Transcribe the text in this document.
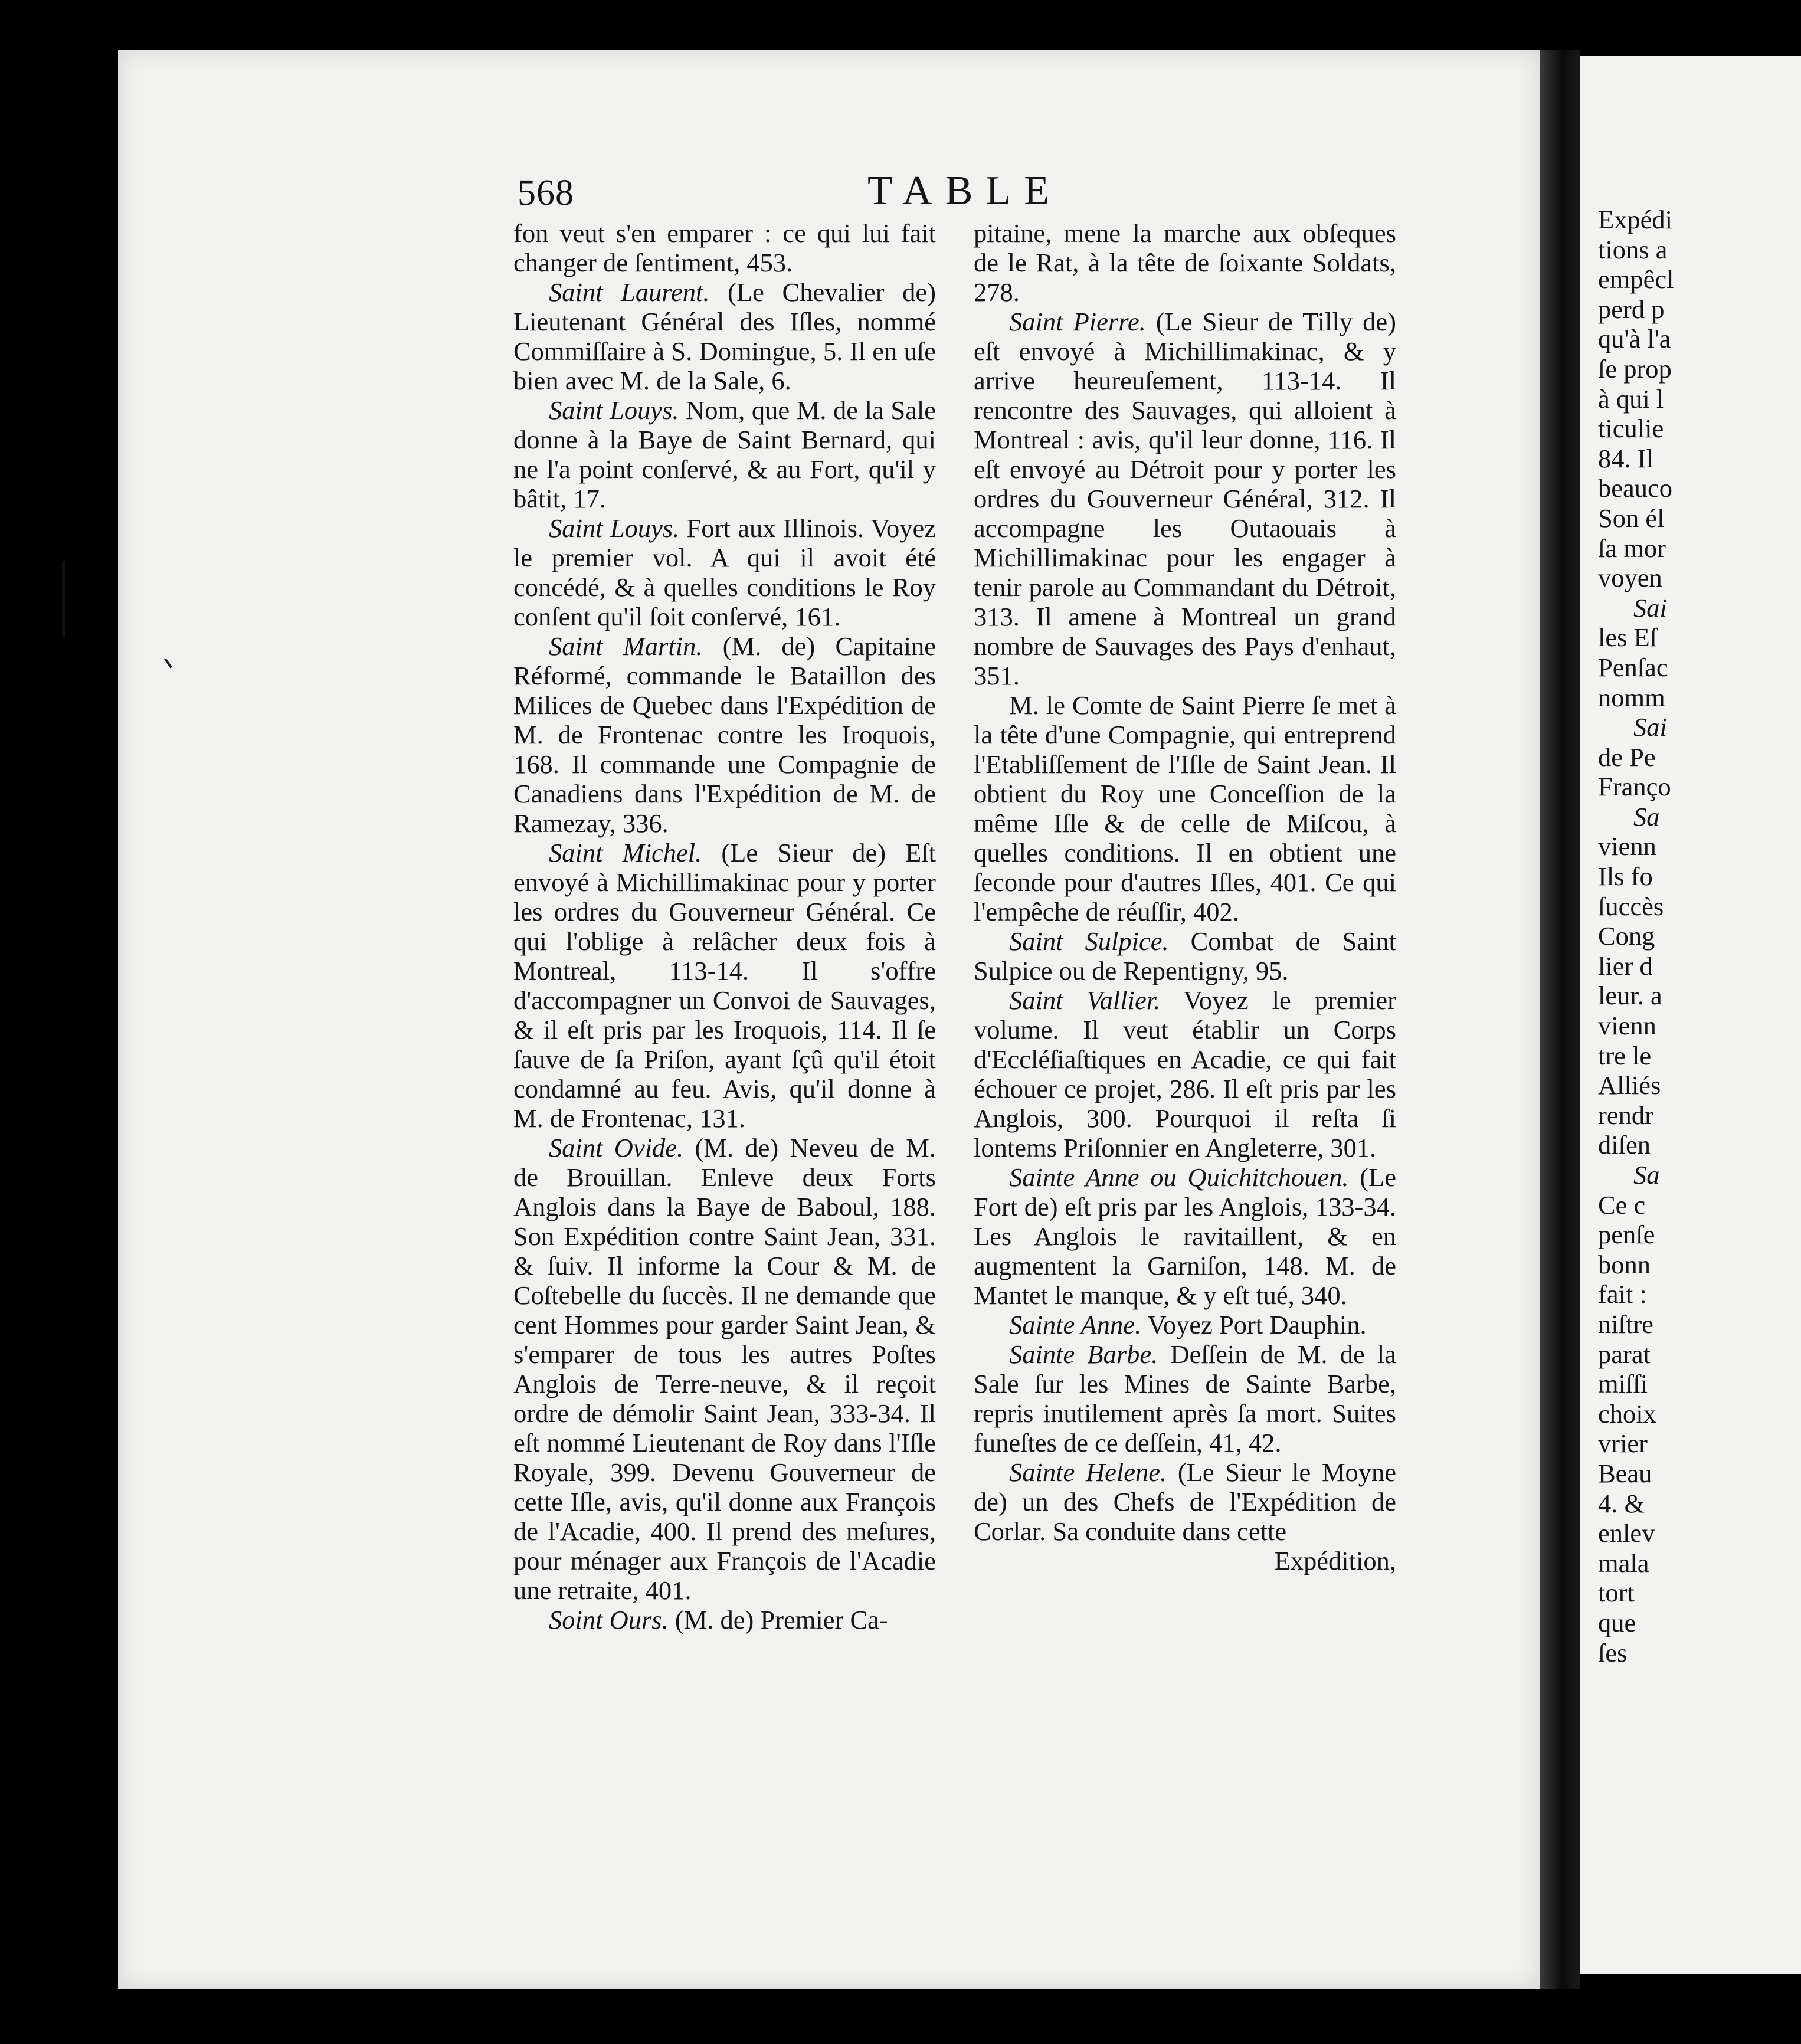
Expédi
tions a
empêcl
perd p
qu'à l'a
ſe prop
à qui l
ticulie
84. Il
beauco
Son él
ſa mor
voyen
Sai
les Eſ
Penſac
nomm
Sai
de Pe
Franço
Sa
vienn
Ils fo
ſuccès
Cong
lier d
leur. a
vienn
tre le
Alliés
rendr
diſen
Sa
Ce c
penſe
bonn
fait :
niſtre
parat
miſſi
choix
vrier
Beau
4. &
enlev
mala
tort
que
ſes
568	TABLE

fon veut s'en emparer : ce qui lui fait changer de ſentiment, 453.

Saint Laurent. (Le Chevalier de) Lieutenant Général des Iſles, nommé Commiſſaire à S. Domingue, 5. Il en uſe bien avec M. de la Sale, 6.

Saint Louys. Nom, que M. de la Sale donne à la Baye de Saint Bernard, qui ne l'a point conſervé, & au Fort, qu'il y bâtit, 17.

Saint Louys. Fort aux Illinois. Voyez le premier vol. A qui il avoit été concédé, & à quelles conditions le Roy conſent qu'il ſoit conſervé, 161.

Saint Martin. (M. de) Capitaine Réformé, commande le Bataillon des Milices de Quebec dans l'Expédition de M. de Frontenac contre les Iroquois, 168. Il commande une Compagnie de Canadiens dans l'Expédition de M. de Ramezay, 336.

Saint Michel. (Le Sieur de) Eſt envoyé à Michillimakinac pour y porter les ordres du Gouverneur Général. Ce qui l'oblige à relâcher deux fois à Montreal, 113-14. Il s'offre d'accompagner un Convoi de Sauvages, & il eſt pris par les Iroquois, 114. Il ſe ſauve de ſa Priſon, ayant ſçû qu'il étoit condamné au feu. Avis, qu'il donne à M. de Frontenac, 131.

Saint Ovide. (M. de) Neveu de M. de Brouillan. Enleve deux Forts Anglois dans la Baye de Baboul, 188. Son Expédition contre Saint Jean, 331. & ſuiv. Il informe la Cour & M. de Coſtebelle du ſuccès. Il ne demande que cent Hommes pour garder Saint Jean, & s'emparer de tous les autres Poſtes Anglois de Terre-neuve, & il reçoit ordre de démolir Saint Jean, 333-34. Il eſt nommé Lieutenant de Roy dans l'Iſle Royale, 399. Devenu Gouverneur de cette Iſle, avis, qu'il donne aux François de l'Acadie, 400. Il prend des meſures, pour ménager aux François de l'Acadie une retraite, 401.

Soint Ours. (M. de) Premier Ca-

pitaine, mene la marche aux obſeques de le Rat, à la tête de ſoixante Soldats, 278.

Saint Pierre. (Le Sieur de Tilly de) eſt envoyé à Michillimakinac, & y arrive heureuſement, 113-14. Il rencontre des Sauvages, qui alloient à Montreal : avis, qu'il leur donne, 116. Il eſt envoyé au Détroit pour y porter les ordres du Gouverneur Général, 312. Il accompagne les Outaouais à Michillimakinac pour les engager à tenir parole au Commandant du Détroit, 313. Il amene à Montreal un grand nombre de Sauvages des Pays d'enhaut, 351.

M. le Comte de Saint Pierre ſe met à la tête d'une Compagnie, qui entreprend l'Etabliſſement de l'Iſle de Saint Jean. Il obtient du Roy une Conceſſion de la même Iſle & de celle de Miſcou, à quelles conditions. Il en obtient une ſeconde pour d'autres Iſles, 401. Ce qui l'empêche de réuſſir, 402.

Saint Sulpice. Combat de Saint Sulpice ou de Repentigny, 95.

Saint Vallier. Voyez le premier volume. Il veut établir un Corps d'Eccléſiaſtiques en Acadie, ce qui fait échouer ce projet, 286. Il eſt pris par les Anglois, 300. Pourquoi il reſta ſi lontems Priſonnier en Angleterre, 301.

Sainte Anne ou Quichitchouen. (Le Fort de) eſt pris par les Anglois, 133-34. Les Anglois le ravitaillent, & en augmentent la Garniſon, 148. M. de Mantet le manque, & y eſt tué, 340.

Sainte Anne. Voyez Port Dauphin.

Sainte Barbe. Deſſein de M. de la Sale ſur les Mines de Sainte Barbe, repris inutilement après ſa mort. Suites funeſtes de ce deſſein, 41, 42.

Sainte Helene. (Le Sieur le Moyne de) un des Chefs de l'Expédition de Corlar. Sa conduite dans cette

Expédition,
